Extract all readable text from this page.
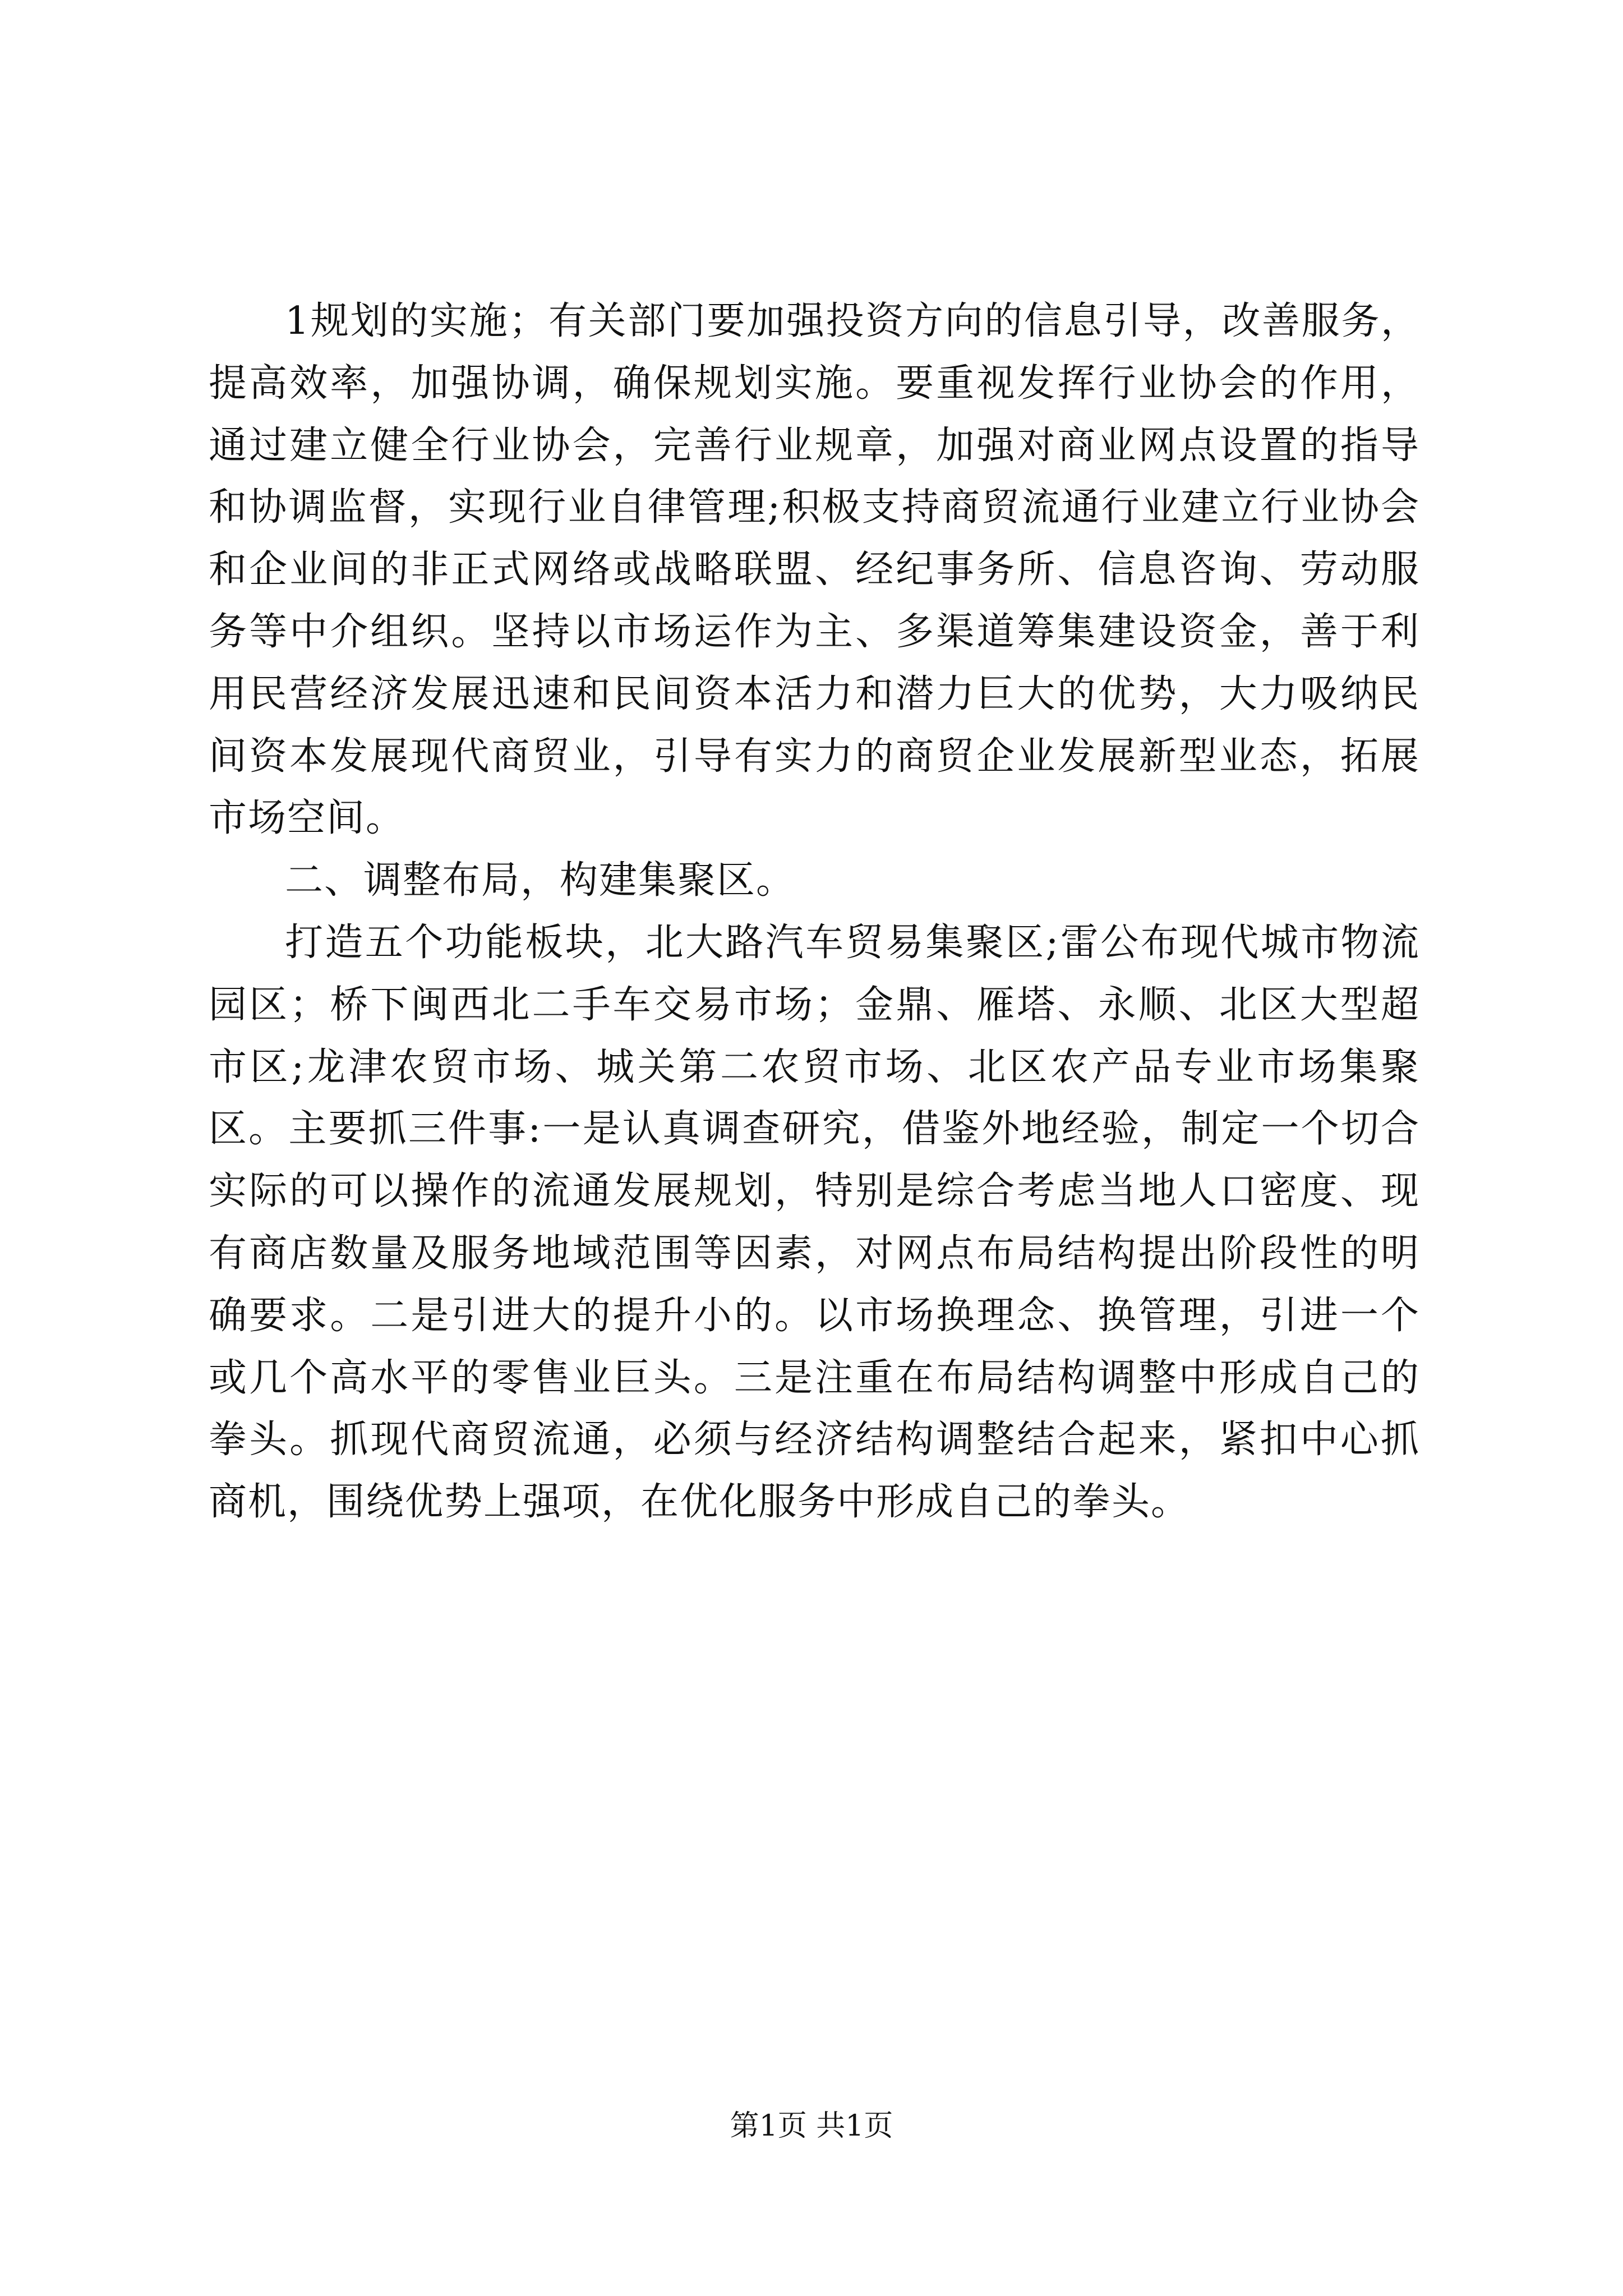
1规划的实施；有关部门要加强投资方向的信息引导，改善服务，提高效率，加强协调，确保规划实施。要重视发挥行业协会的作用，通过建立健全行业协会，完善行业规章，加强对商业网点设置的指导和协调监督，实现行业自律管理;积极支持商贸流通行业建立行业协会和企业间的非正式网络或战略联盟、经纪事务所、信息咨询、劳动服务等中介组织。坚持以市场运作为主、多渠道筹集建设资金，善于利用民营经济发展迅速和民间资本活力和潜力巨大的优势，大力吸纳民间资本发展现代商贸业，引导有实力的商贸企业发展新型业态，拓展市场空间。

二、调整布局，构建集聚区。

打造五个功能板块，北大路汽车贸易集聚区;雷公布现代城市物流园区；桥下闽西北二手车交易市场；金鼎、雁塔、永顺、北区大型超市区;龙津农贸市场、城关第二农贸市场、北区农产品专业市场集聚区。主要抓三件事:一是认真调查研究，借鉴外地经验，制定一个切合实际的可以操作的流通发展规划，特别是综合考虑当地人口密度、现有商店数量及服务地域范围等因素，对网点布局结构提出阶段性的明确要求。二是引进大的提升小的。以市场换理念、换管理，引进一个或几个高水平的零售业巨头。三是注重在布局结构调整中形成自己的拳头。抓现代商贸流通，必须与经济结构调整结合起来，紧扣中心抓商机，围绕优势上强项，在优化服务中形成自己的拳头。

第1页 共1页
